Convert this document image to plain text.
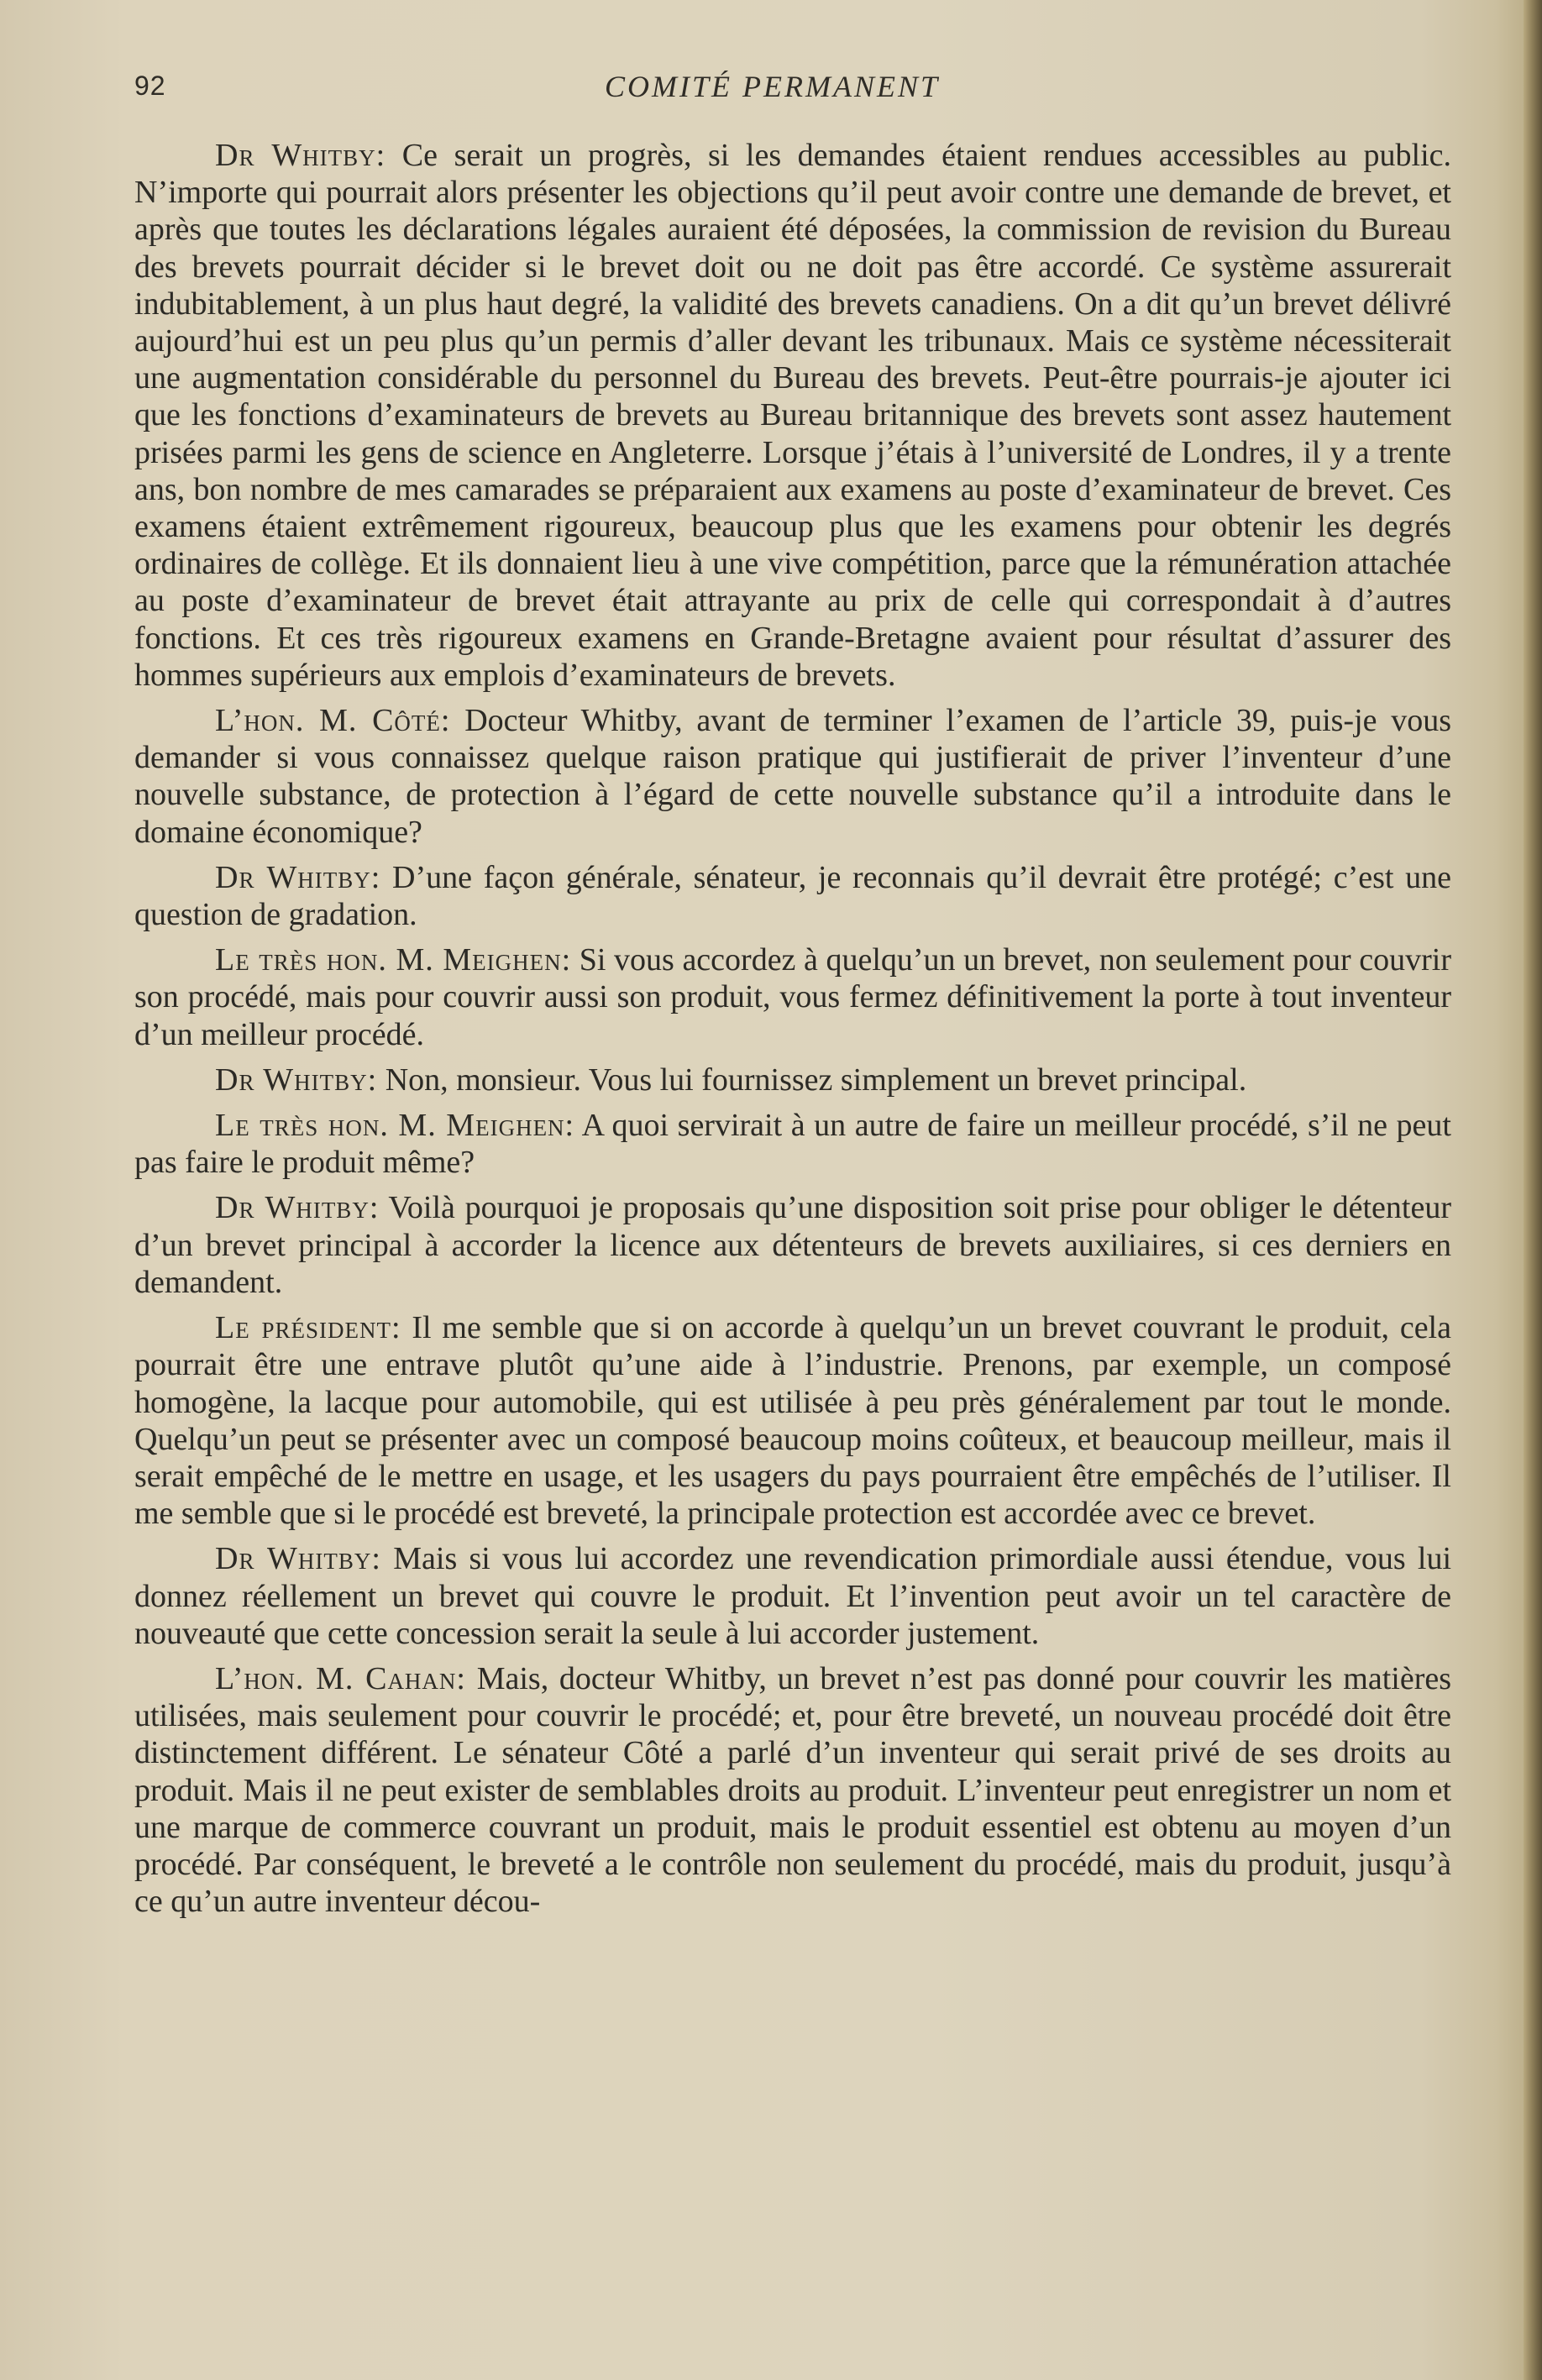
92	COMITÉ PERMANENT

Dr Whitby: Ce serait un progrès, si les demandes étaient rendues accessibles au public. N’importe qui pourrait alors présenter les objections qu’il peut avoir contre une demande de brevet, et après que toutes les déclarations légales auraient été déposées, la commission de revision du Bureau des brevets pourrait décider si le brevet doit ou ne doit pas être accordé. Ce système assurerait indubitablement, à un plus haut degré, la validité des brevets canadiens. On a dit qu’un brevet délivré aujourd’hui est un peu plus qu’un permis d’aller devant les tribunaux. Mais ce système nécessiterait une augmentation considérable du personnel du Bureau des brevets. Peut-être pourrais-je ajouter ici que les fonctions d’examinateurs de brevets au Bureau britannique des brevets sont assez hautement prisées parmi les gens de science en Angleterre. Lorsque j’étais à l’université de Londres, il y a trente ans, bon nombre de mes camarades se préparaient aux examens au poste d’examinateur de brevet. Ces examens étaient extrêmement rigoureux, beaucoup plus que les examens pour obtenir les degrés ordinaires de collège. Et ils donnaient lieu à une vive compétition, parce que la rémunération attachée au poste d’examinateur de brevet était attrayante au prix de celle qui correspondait à d’autres fonctions. Et ces très rigoureux examens en Grande-Bretagne avaient pour résultat d’assurer des hommes supérieurs aux emplois d’examinateurs de brevets.

L’hon. M. Côté: Docteur Whitby, avant de terminer l’examen de l’article 39, puis-je vous demander si vous connaissez quelque raison pratique qui justifierait de priver l’inventeur d’une nouvelle substance, de protection à l’égard de cette nouvelle substance qu’il a introduite dans le domaine économique?

Dr Whitby: D’une façon générale, sénateur, je reconnais qu’il devrait être protégé; c’est une question de gradation.

Le très hon. M. Meighen: Si vous accordez à quelqu’un un brevet, non seulement pour couvrir son procédé, mais pour couvrir aussi son produit, vous fermez définitivement la porte à tout inventeur d’un meilleur procédé.

Dr Whitby: Non, monsieur. Vous lui fournissez simplement un brevet principal.

Le très hon. M. Meighen: A quoi servirait à un autre de faire un meilleur procédé, s’il ne peut pas faire le produit même?

Dr Whitby: Voilà pourquoi je proposais qu’une disposition soit prise pour obliger le détenteur d’un brevet principal à accorder la licence aux détenteurs de brevets auxiliaires, si ces derniers en demandent.

Le président: Il me semble que si on accorde à quelqu’un un brevet couvrant le produit, cela pourrait être une entrave plutôt qu’une aide à l’industrie. Prenons, par exemple, un composé homogène, la lacque pour automobile, qui est utilisée à peu près généralement par tout le monde. Quelqu’un peut se présenter avec un composé beaucoup moins coûteux, et beaucoup meilleur, mais il serait empêché de le mettre en usage, et les usagers du pays pourraient être empêchés de l’utiliser. Il me semble que si le procédé est breveté, la principale protection est accordée avec ce brevet.

Dr Whitby: Mais si vous lui accordez une revendication primordiale aussi étendue, vous lui donnez réellement un brevet qui couvre le produit. Et l’invention peut avoir un tel caractère de nouveauté que cette concession serait la seule à lui accorder justement.

L’hon. M. Cahan: Mais, docteur Whitby, un brevet n’est pas donné pour couvrir les matières utilisées, mais seulement pour couvrir le procédé; et, pour être breveté, un nouveau procédé doit être distinctement différent. Le sénateur Côté a parlé d’un inventeur qui serait privé de ses droits au produit. Mais il ne peut exister de semblables droits au produit. L’inventeur peut enregistrer un nom et une marque de commerce couvrant un produit, mais le produit essentiel est obtenu au moyen d’un procédé. Par conséquent, le breveté a le contrôle non seulement du procédé, mais du produit, jusqu’à ce qu’un autre inventeur décou-
